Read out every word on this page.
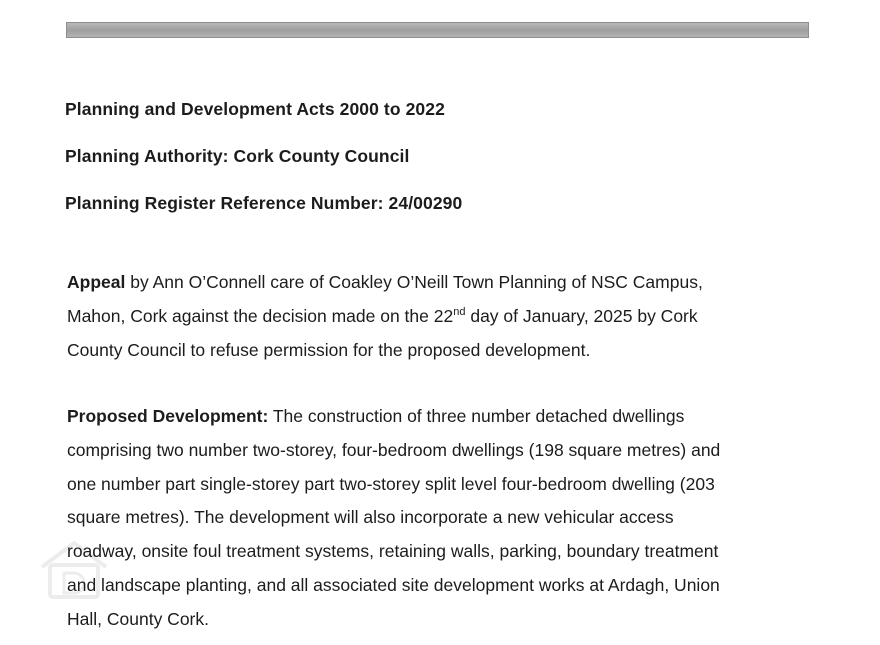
Planning and Development Acts 2000 to 2022
Planning Authority: Cork County Council
Planning Register Reference Number: 24/00290
Appeal by Ann O’Connell care of Coakley O’Neill Town Planning of NSC Campus,
Mahon, Cork against the decision made on the 22nd day of January, 2025 by Cork
County Council to refuse permission for the proposed development.
Proposed Development: The construction of three number detached dwellings
comprising two number two-storey, four-bedroom dwellings (198 square metres) and
one number part single-storey part two-storey split level four-bedroom dwelling (203
square metres). The development will also incorporate a new vehicular access
roadway, onsite foul treatment systems, retaining walls, parking, boundary treatment
and landscape planting, and all associated site development works at Ardagh, Union
Hall, County Cork.
